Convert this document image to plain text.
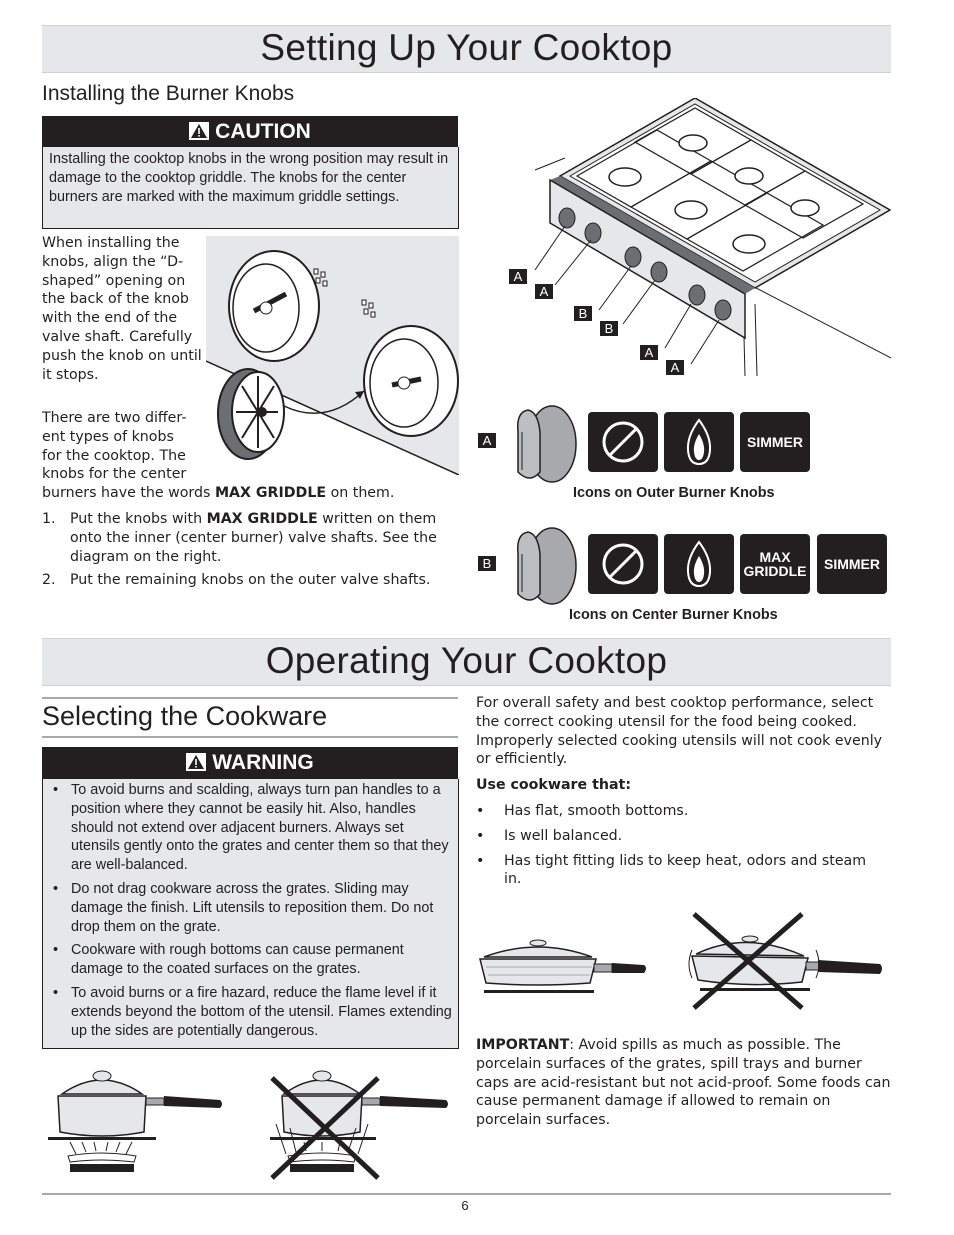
Setting Up Your Cooktop
Installing the Burner Knobs
CAUTION
Installing the cooktop knobs in the wrong position may result in damage to the cooktop griddle. The knobs for the center burners are marked with the maximum griddle settings.
When installing the knobs, align the “D-shaped” opening on the back of the knob with the end of the valve shaft. Carefully push the knob on until it stops.
There are two differ-
ent types of knobs
for the cooktop. The
knobs for the center
burners have the words MAX GRIDDLE on them.
1. Put the knobs with MAX GRIDDLE written on them onto the inner (center burner) valve shafts. See the diagram on the right.
2. Put the remaining knobs on the outer valve shafts.
A
A
B
B
A
A
A	SIMMER
Icons on Outer Burner Knobs
B	MAX
GRIDDLE SIMMER
Icons on Center Burner Knobs
Operating Your Cooktop
Selecting the Cookware
WARNING
• To avoid burns and scalding, always turn pan handles to a position where they cannot be easily hit. Also, handles should not extend over adjacent burners. Always set utensils gently onto the grates and center them so that they are well-balanced.
• Do not drag cookware across the grates. Sliding may damage the finish. Lift utensils to reposition them. Do not drop them on the grate.
• Cookware with rough bottoms can cause permanent damage to the coated surfaces on the grates.
• To avoid burns or a fire hazard, reduce the flame level if it extends beyond the bottom of the utensil. Flames extending up the sides are potentially dangerous.
For overall safety and best cooktop performance, select the correct cooking utensil for the food being cooked. Improperly selected cooking utensils will not cook evenly or efficiently.
Use cookware that:
• Has flat, smooth bottoms.
• Is well balanced.
• Has tight fitting lids to keep heat, odors and steam in.
IMPORTANT: Avoid spills as much as possible. The porcelain surfaces of the grates, spill trays and burner caps are acid-resistant but not acid-proof. Some foods can cause permanent damage if allowed to remain on porcelain surfaces.
6
